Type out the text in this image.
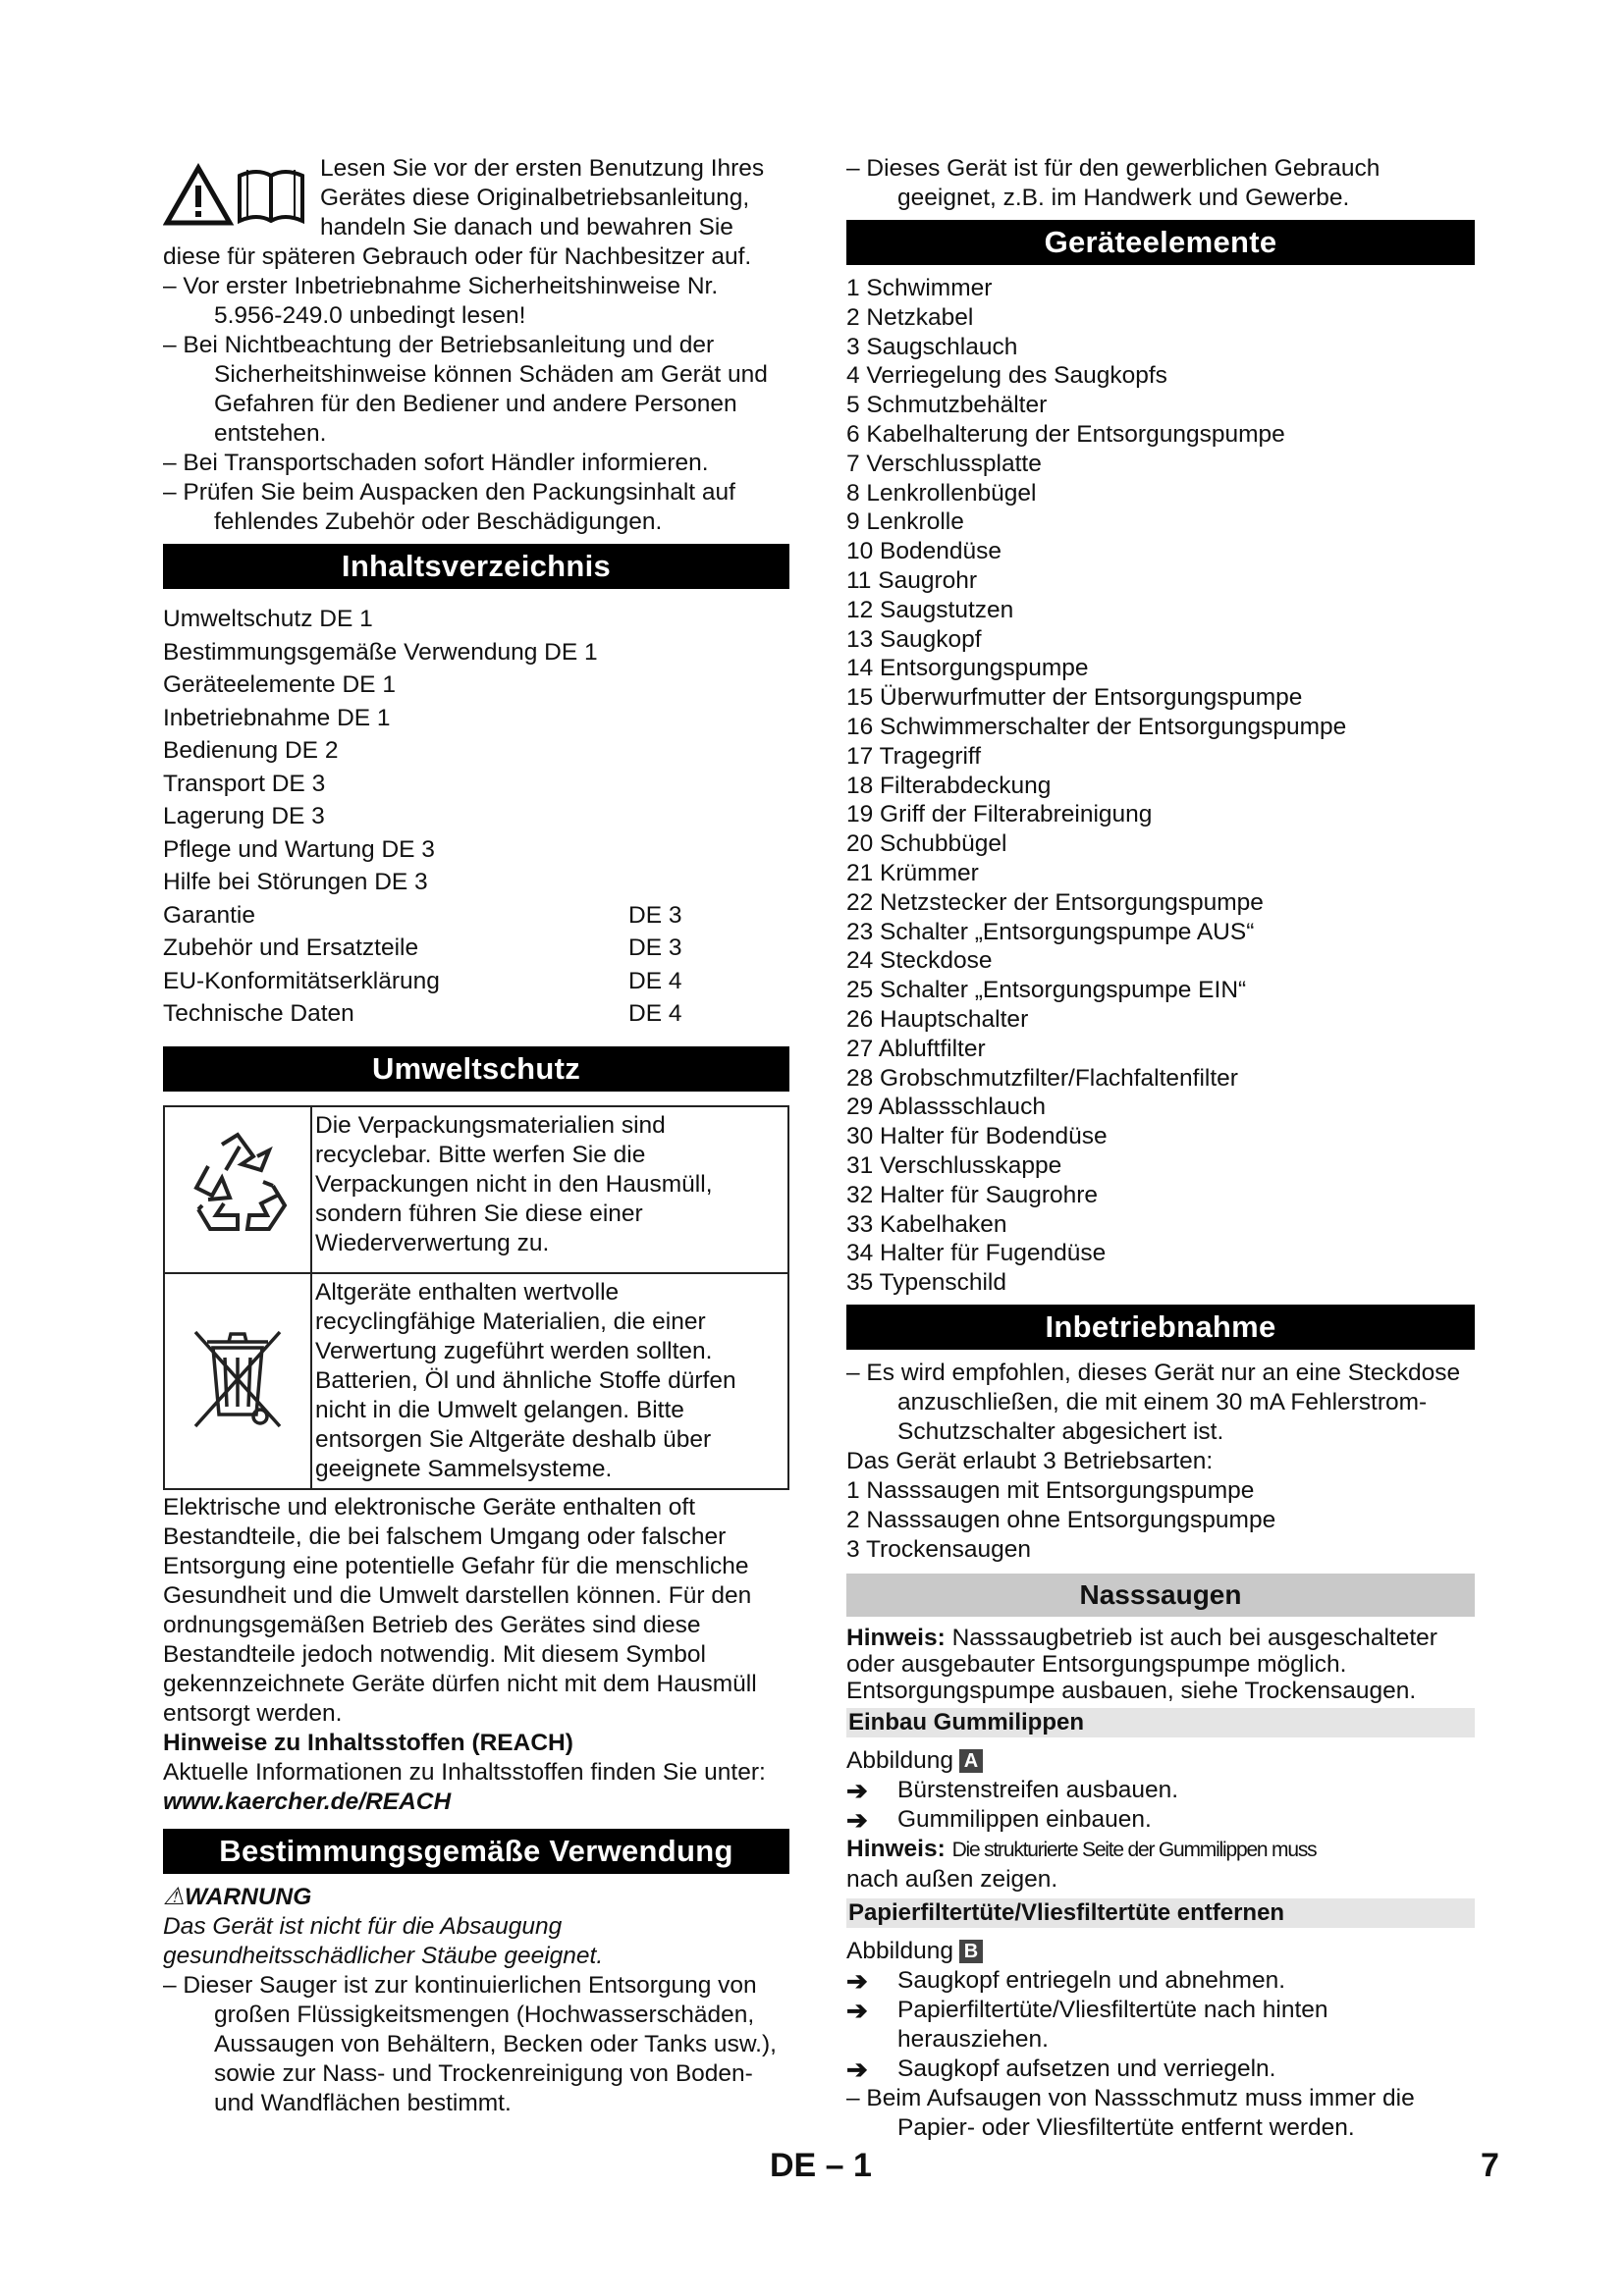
Lesen Sie vor der ersten Benutzung Ihres Gerätes diese Originalbetriebsanleitung, handeln Sie danach und bewahren Sie diese für späteren Gebrauch oder für Nachbesitzer auf.

– Vor erster Inbetriebnahme Sicherheitshinweise Nr. 5.956-249.0 unbedingt lesen!

– Bei Nichtbeachtung der Betriebsanleitung und der Sicherheitshinweise können Schäden am Gerät und Gefahren für den Bediener und andere Personen entstehen.

– Bei Transportschaden sofort Händler informieren.

– Prüfen Sie beim Auspacken den Packungsinhalt auf fehlendes Zubehör oder Beschädigungen.

Inhaltsverzeichnis
Umweltschutz DE 1
Bestimmungsgemäße Verwendung DE 1
Geräteelemente DE 1
Inbetriebnahme DE 1
Bedienung DE 2
Transport DE 3
Lagerung DE 3
Pflege und Wartung DE 3
Hilfe bei Störungen DE 3
Garantie	DE 3
Zubehör und Ersatzteile	DE 3
EU-Konformitätserklärung	DE 4
Technische Daten	DE 4
Umweltschutz
	Die Verpackungsmaterialien sind recyclebar. Bitte werfen Sie die Verpackungen nicht in den Hausmüll, sondern führen Sie diese einer Wiederverwertung zu.
	Altgeräte enthalten wertvolle recyclingfähige Materialien, die einer Verwertung zugeführt werden sollten. Batterien, Öl und ähnliche Stoffe dürfen nicht in die Umwelt gelangen. Bitte entsorgen Sie Altgeräte deshalb über geeignete Sammelsysteme.

Elektrische und elektronische Geräte enthalten oft Bestandteile, die bei falschem Umgang oder falscher Entsorgung eine potentielle Gefahr für die menschliche Gesundheit und die Umwelt darstellen können. Für den ordnungsgemäßen Betrieb des Gerätes sind diese Bestandteile jedoch notwendig. Mit diesem Symbol gekennzeichnete Geräte dürfen nicht mit dem Hausmüll entsorgt werden.

Hinweise zu Inhaltsstoffen (REACH)

Aktuelle Informationen zu Inhaltsstoffen finden Sie unter:

www.kaercher.de/REACH

Bestimmungsgemäße Verwendung

⚠WARNUNG

Das Gerät ist nicht für die Absaugung gesundheitsschädlicher Stäube geeignet.

– Dieser Sauger ist zur kontinuierlichen Entsorgung von großen Flüssigkeitsmengen (Hochwasserschäden, Aussaugen von Behältern, Becken oder Tanks usw.), sowie zur Nass- und Trockenreinigung von Boden- und Wandflächen bestimmt.

– Dieses Gerät ist für den gewerblichen Gebrauch geeignet, z.B. im Handwerk und Gewerbe.

Geräteelemente

1 Schwimmer

2 Netzkabel

3 Saugschlauch

4 Verriegelung des Saugkopfs

5 Schmutzbehälter

6 Kabelhalterung der Entsorgungspumpe

7 Verschlussplatte

8 Lenkrollenbügel

9 Lenkrolle

10 Bodendüse

11 Saugrohr

12 Saugstutzen

13 Saugkopf

14 Entsorgungspumpe

15 Überwurfmutter der Entsorgungspumpe

16 Schwimmerschalter der Entsorgungspumpe

17 Tragegriff

18 Filterabdeckung

19 Griff der Filterabreinigung

20 Schubbügel

21 Krümmer

22 Netzstecker der Entsorgungspumpe

23 Schalter „Entsorgungspumpe AUS“

24 Steckdose

25 Schalter „Entsorgungspumpe EIN“

26 Hauptschalter

27 Abluftfilter

28 Grobschmutzfilter/Flachfaltenfilter

29 Ablassschlauch

30 Halter für Bodendüse

31 Verschlusskappe

32 Halter für Saugrohre

33 Kabelhaken

34 Halter für Fugendüse

35 Typenschild

Inbetriebnahme

– Es wird empfohlen, dieses Gerät nur an eine Steckdose anzuschließen, die mit einem 30 mA Fehlerstrom-Schutzschalter abgesichert ist.

Das Gerät erlaubt 3 Betriebsarten:

1 Nasssaugen mit Entsorgungspumpe

2 Nasssaugen ohne Entsorgungspumpe

3 Trockensaugen

Nasssaugen

Hinweis: Nasssaugbetrieb ist auch bei ausgeschalteter oder ausgebauter Entsorgungspumpe möglich. Entsorgungspumpe ausbauen, siehe Trockensaugen.

Einbau Gummilippen

Abbildung A

➔	Bürstenstreifen ausbauen.
➔	Gummilippen einbauen.

Hinweis: Die strukturierte Seite der Gummilippen muss

nach außen zeigen.

Papierfiltertüte/Vliesfiltertüte entfernen

Abbildung B

➔	Saugkopf entriegeln und abnehmen.
➔	Papierfiltertüte/Vliesfiltertüte nach hinten herausziehen.
➔	Saugkopf aufsetzen und verriegeln.

– Beim Aufsaugen von Nassschmutz muss immer die Papier- oder Vliesfiltertüte entfernt werden.

DE – 1	7
